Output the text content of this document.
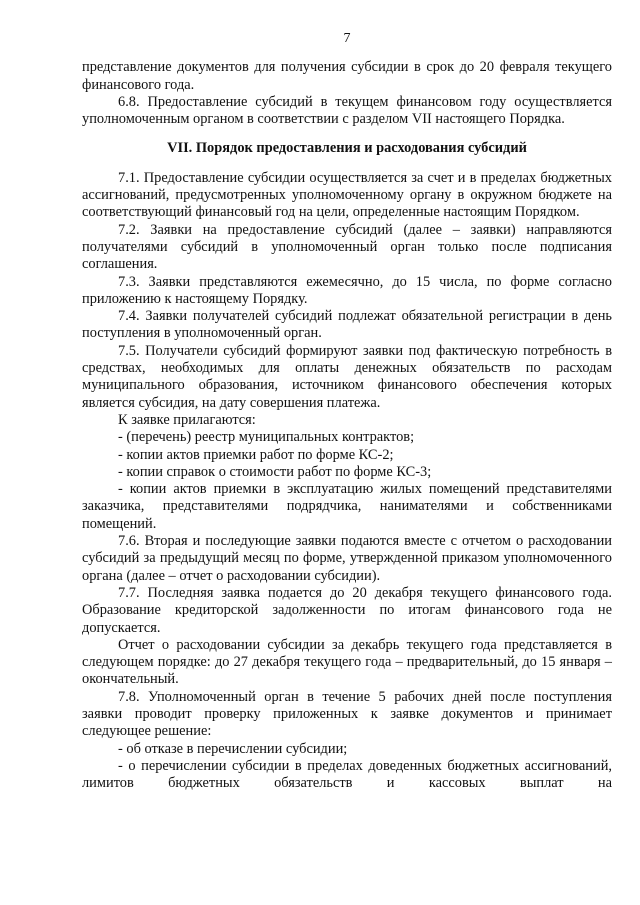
7

представление документов для получения субсидии в срок до 20 февраля текущего финансового года.

6.8. Предоставление субсидий в текущем финансовом году осуществляется уполномоченным органом в соответствии с разделом VII настоящего Порядка.

VII. Порядок предоставления и расходования субсидий

7.1. Предоставление субсидии осуществляется за счет и в пределах бюджетных ассигнований, предусмотренных уполномоченному органу в окружном бюджете на соответствующий финансовый год на цели, определенные настоящим Порядком.

7.2. Заявки на предоставление субсидий (далее – заявки) направляются получателями субсидий в уполномоченный орган только после подписания соглашения.

7.3. Заявки представляются ежемесячно, до 15 числа, по форме согласно приложению к настоящему Порядку.

7.4. Заявки получателей субсидий подлежат обязательной регистрации в день поступления в уполномоченный орган.

7.5. Получатели субсидий формируют заявки под фактическую потребность в средствах, необходимых для оплаты денежных обязательств по расходам муниципального образования, источником финансового обеспечения которых является субсидия, на дату совершения платежа.

К заявке прилагаются:

- (перечень) реестр муниципальных контрактов;

- копии актов приемки работ по форме КС-2;

- копии справок о стоимости работ по форме КС-3;

- копии актов приемки в эксплуатацию жилых помещений представителями заказчика, представителями подрядчика, нанимателями и собственниками помещений.

7.6. Вторая и последующие заявки подаются вместе с отчетом о расходовании субсидий за предыдущий месяц по форме, утвержденной приказом уполномоченного органа (далее – отчет о расходовании субсидии).

7.7. Последняя заявка подается до 20 декабря текущего финансового года. Образование кредиторской задолженности по итогам финансового года не допускается.

Отчет о расходовании субсидии за декабрь текущего года представляется в следующем порядке: до 27 декабря текущего года – предварительный, до 15 января – окончательный.

7.8. Уполномоченный орган в течение 5 рабочих дней после поступления заявки проводит проверку приложенных к заявке документов и принимает следующее решение:

- об отказе в перечислении субсидии;

- о перечислении субсидии в пределах доведенных бюджетных ассигнований, лимитов бюджетных обязательств и кассовых выплат на
